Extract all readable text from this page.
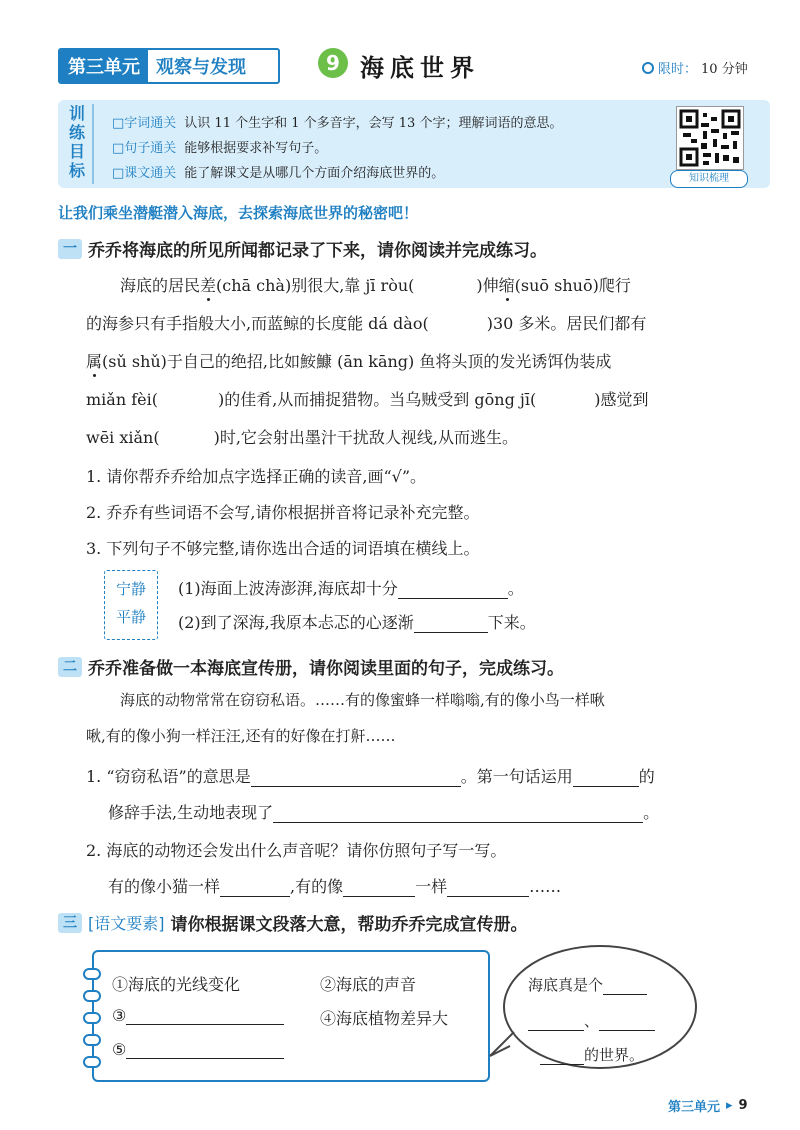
第三单元 观察与发现	9 海底世界	限时： 10 分钟
训练目标
□字词通关 认识 11 个生字和 1 个多音字，会写 13 个字；理解词语的意思。
□句子通关 能够根据要求补写句子。
□课文通关 能了解课文是从哪几个方面介绍海底世界的。	知识梳理
让我们乘坐潜艇潜入海底，去探索海底世界的秘密吧！
一 乔乔将海底的所见所闻都记录了下来，请你阅读并完成练习。
海底的居民差(chā chà)别很大,靠 jī ròu(	)伸缩(suō shuō)爬行
的海参只有手指般大小,而蓝鲸的长度能 dá dào(	)30 多米。居民们都有
属(sǔ shǔ)于自己的绝招,比如鮟鱇 (ān kāng) 鱼将头顶的发光诱饵伪装成
miǎn fèi(	)的佳肴,从而捕捉猎物。当乌贼受到 gōng jī(	)感觉到
wēi xiǎn(	)时,它会射出墨汁干扰敌人视线,从而逃生。
1. 请你帮乔乔给加点字选择正确的读音,画“√”。
2. 乔乔有些词语不会写,请你根据拼音将记录补充完整。
3. 下列句子不够完整,请你选出合适的词语填在横线上。
宁静
平静
(1)海面上波涛澎湃,海底却十分	。
(2)到了深海,我原本忐忑的心逐渐	下来。
二 乔乔准备做一本海底宣传册，请你阅读里面的句子，完成练习。
海底的动物常常在窃窃私语。……有的像蜜蜂一样嗡嗡,有的像小鸟一样啾
啾,有的像小狗一样汪汪,还有的好像在打鼾……
1. “窃窃私语”的意思是	。第一句话运用	的
修辞手法,生动地表现了	。
2. 海底的动物还会发出什么声音呢？请你仿照句子写一写。
有的像小猫一样	,有的像	一样	……
三 [语文要素] 请你根据课文段落大意，帮助乔乔完成宣传册。
①海底的光线变化	②海底的声音
③	④海底植物差异大
⑤
海底真是个
、
的世界。
第三单元 ▸ 9
